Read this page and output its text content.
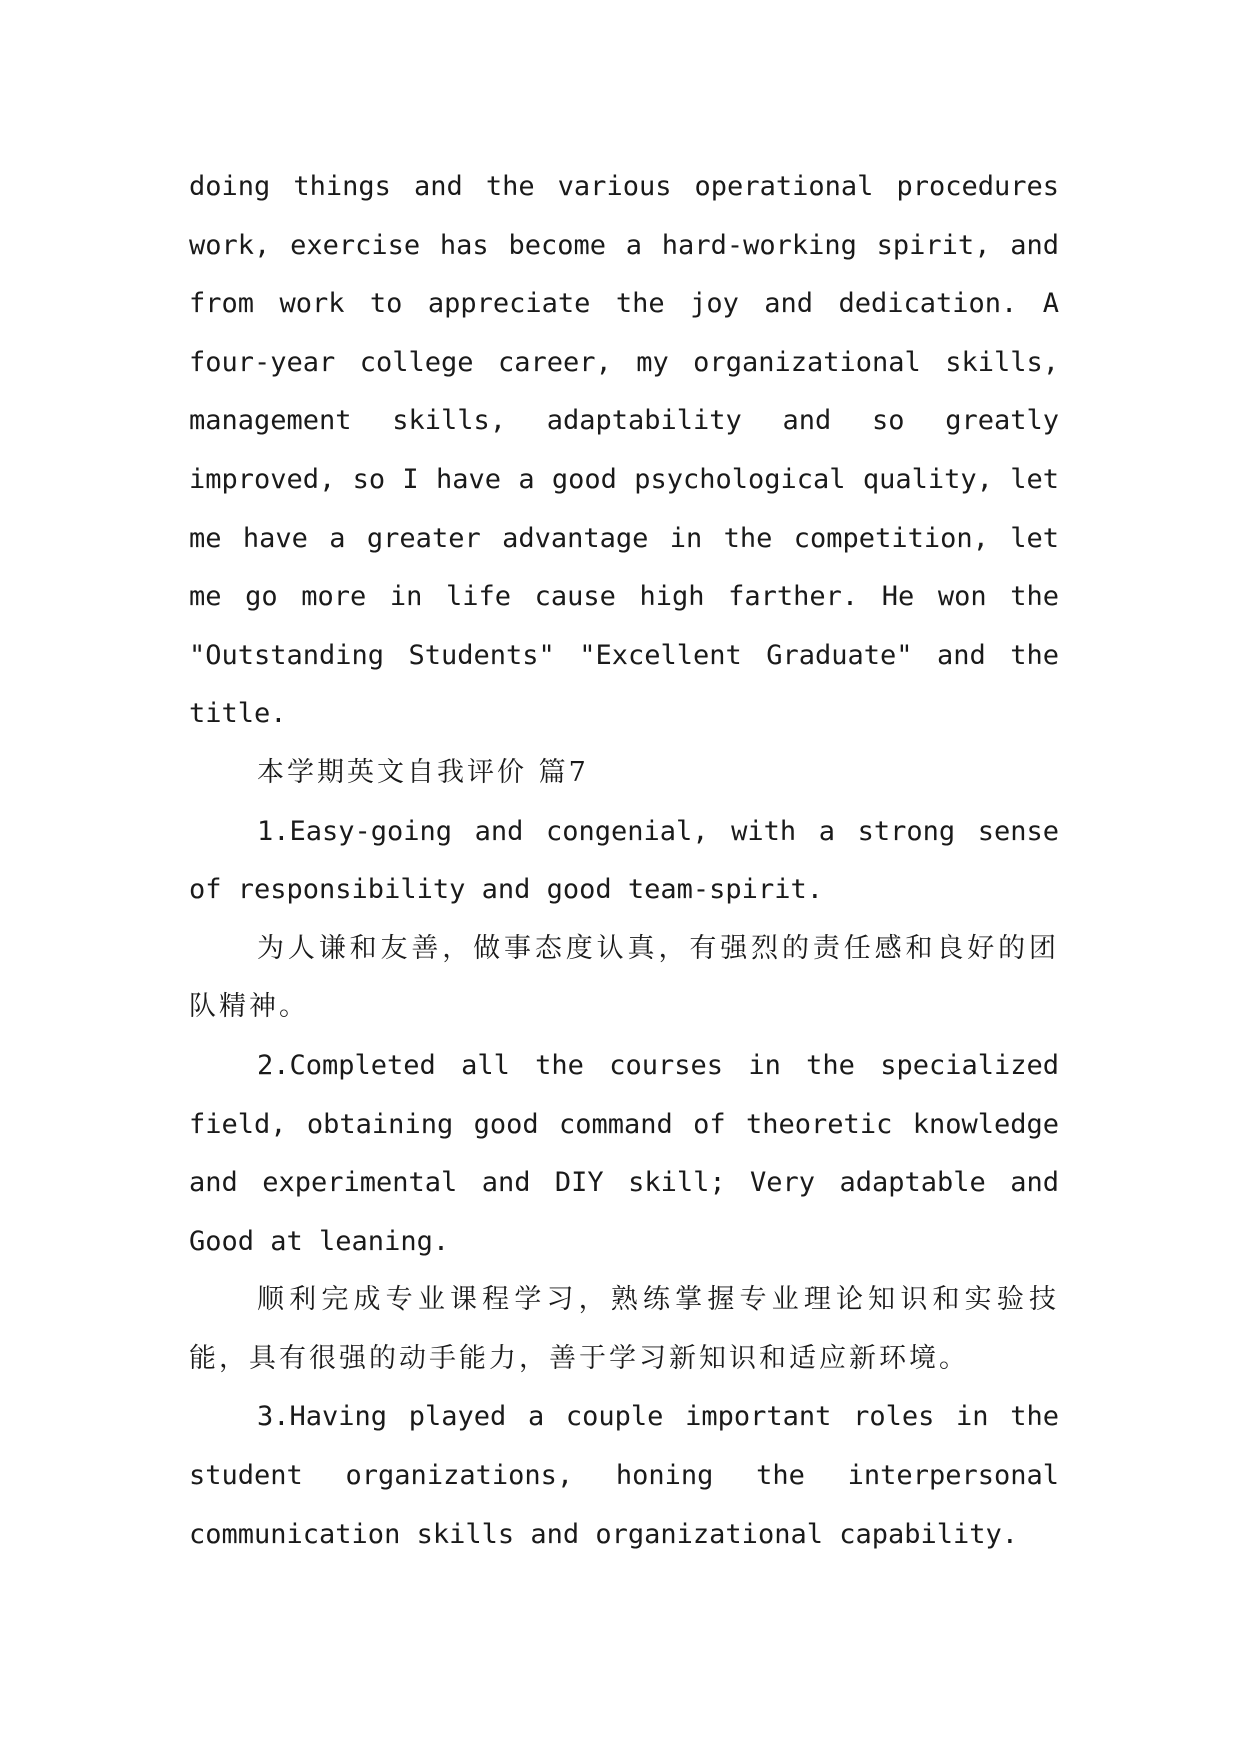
doing things and the various operational procedures work, exercise has become a hard-working spirit, and from work to appreciate the joy and dedication. A four-year college career, my organizational skills, management skills, adaptability and so greatly improved, so I have a good psychological quality, let me have a greater advantage in the competition, let me go more in life cause high farther. He won the "Outstanding Students" "Excellent Graduate" and the title.

本学期英文自我评价 篇7

1.Easy-going and congenial, with a strong sense of responsibility and good team-spirit.

为人谦和友善，做事态度认真，有强烈的责任感和良好的团队精神。

2.Completed all the courses in the specialized field, obtaining good command of theoretic knowledge and experimental and DIY skill; Very adaptable and Good at leaning.

顺利完成专业课程学习，熟练掌握专业理论知识和实验技能，具有很强的动手能力，善于学习新知识和适应新环境。

3.Having played a couple important roles in the student organizations, honing the interpersonal communication skills and organizational capability.
